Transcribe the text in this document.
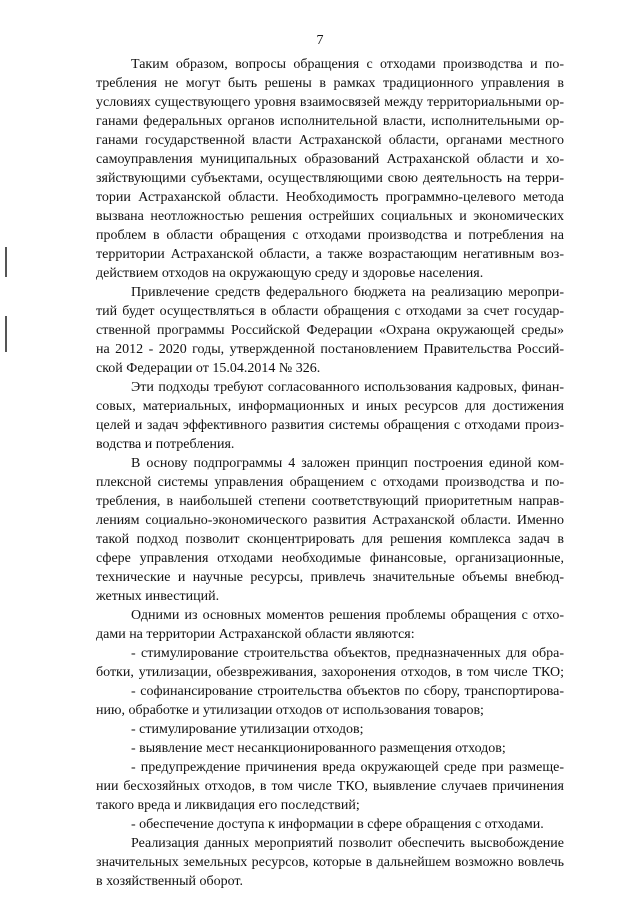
7
Таким образом, вопросы обращения с отходами производства и по-
требления не могут быть решены в рамках традиционного управления в
условиях существующего уровня взаимосвязей между территориальными ор-
ганами федеральных органов исполнительной власти, исполнительными ор-
ганами государственной власти Астраханской области, органами местного
самоуправления муниципальных образований Астраханской области и хо-
зяйствующими субъектами, осуществляющими свою деятельность на терри-
тории Астраханской области. Необходимость программно-целевого метода
вызвана неотложностью решения острейших социальных и экономических
проблем в области обращения с отходами производства и потребления на
территории Астраханской области, а также возрастающим негативным воз-
действием отходов на окружающую среду и здоровье населения.
Привлечение средств федерального бюджета на реализацию меропри-
тий будет осуществляться в области обращения с отходами за счет государ-
ственной программы Российской Федерации «Охрана окружающей среды»
на 2012 - 2020 годы, утвержденной постановлением Правительства Россий-
ской Федерации от 15.04.2014 № 326.
Эти подходы требуют согласованного использования кадровых, финан-
совых, материальных, информационных и иных ресурсов для достижения
целей и задач эффективного развития системы обращения с отходами произ-
водства и потребления.
В основу подпрограммы 4 заложен принцип построения единой ком-
плексной системы управления обращением с отходами производства и по-
требления, в наибольшей степени соответствующий приоритетным направ-
лениям социально-экономического развития Астраханской области. Именно
такой подход позволит сконцентрировать для решения комплекса задач в
сфере управления отходами необходимые финансовые, организационные,
технические и научные ресурсы, привлечь значительные объемы внебюд-
жетных инвестиций.
Одними из основных моментов решения проблемы обращения с отхо-
дами на территории Астраханской области являются:
- стимулирование строительства объектов, предназначенных для обра-
ботки, утилизации, обезвреживания, захоронения отходов, в том числе ТКО;
- софинансирование строительства объектов по сбору, транспортирова-
нию, обработке и утилизации отходов от использования товаров;
- стимулирование утилизации отходов;
- выявление мест несанкционированного размещения отходов;
- предупреждение причинения вреда окружающей среде при размеще-
нии бесхозяйных отходов, в том числе ТКО, выявление случаев причинения
такого вреда и ликвидация его последствий;
- обеспечение доступа к информации в сфере обращения с отходами.
Реализация данных мероприятий позволит обеспечить высвобождение
значительных земельных ресурсов, которые в дальнейшем возможно вовлечь
в хозяйственный оборот.
